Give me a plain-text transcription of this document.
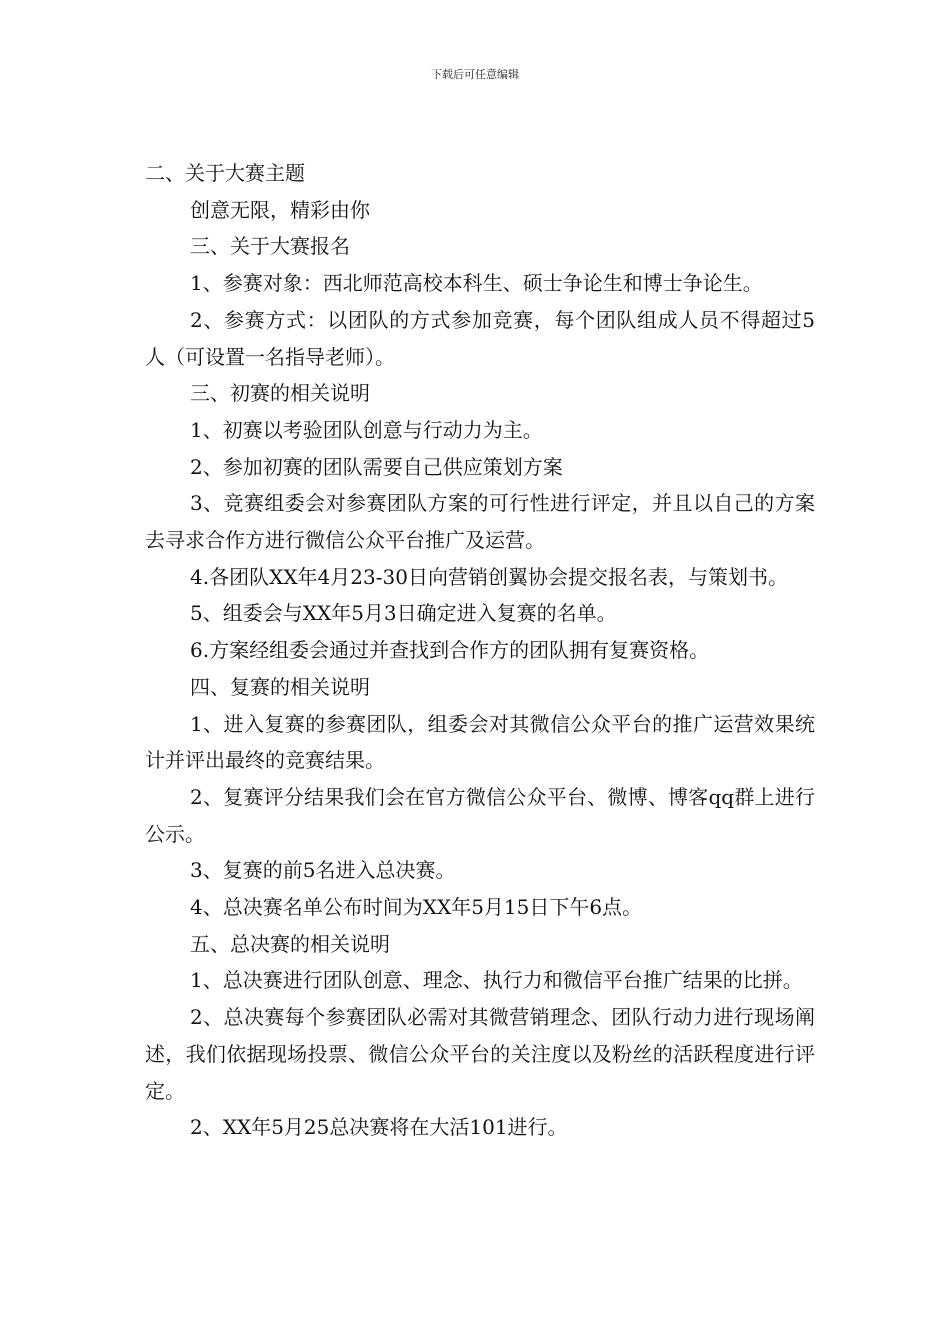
下载后可任意编辑

二、关于大赛主题

创意无限，精彩由你

三、关于大赛报名

1、参赛对象：西北师范高校本科生、硕士争论生和博士争论生。

2、参赛方式：以团队的方式参加竞赛，每个团队组成人员不得超过5人（可设置一名指导老师）。

三、初赛的相关说明

1、初赛以考验团队创意与行动力为主。

2、参加初赛的团队需要自己供应策划方案

3、竞赛组委会对参赛团队方案的可行性进行评定，并且以自己的方案去寻求合作方进行微信公众平台推广及运营。

4.各团队XX年4月23-30日向营销创翼协会提交报名表，与策划书。

5、组委会与XX年5月3日确定进入复赛的名单。

6.方案经组委会通过并查找到合作方的团队拥有复赛资格。

四、复赛的相关说明

1、进入复赛的参赛团队，组委会对其微信公众平台的推广运营效果统计并评出最终的竞赛结果。

2、复赛评分结果我们会在官方微信公众平台、微博、博客qq群上进行公示。

3、复赛的前5名进入总决赛。

4、总决赛名单公布时间为XX年5月15日下午6点。

五、总决赛的相关说明

1、总决赛进行团队创意、理念、执行力和微信平台推广结果的比拼。

2、总决赛每个参赛团队必需对其微营销理念、团队行动力进行现场阐述，我们依据现场投票、微信公众平台的关注度以及粉丝的活跃程度进行评定。

2、XX年5月25总决赛将在大活101进行。
